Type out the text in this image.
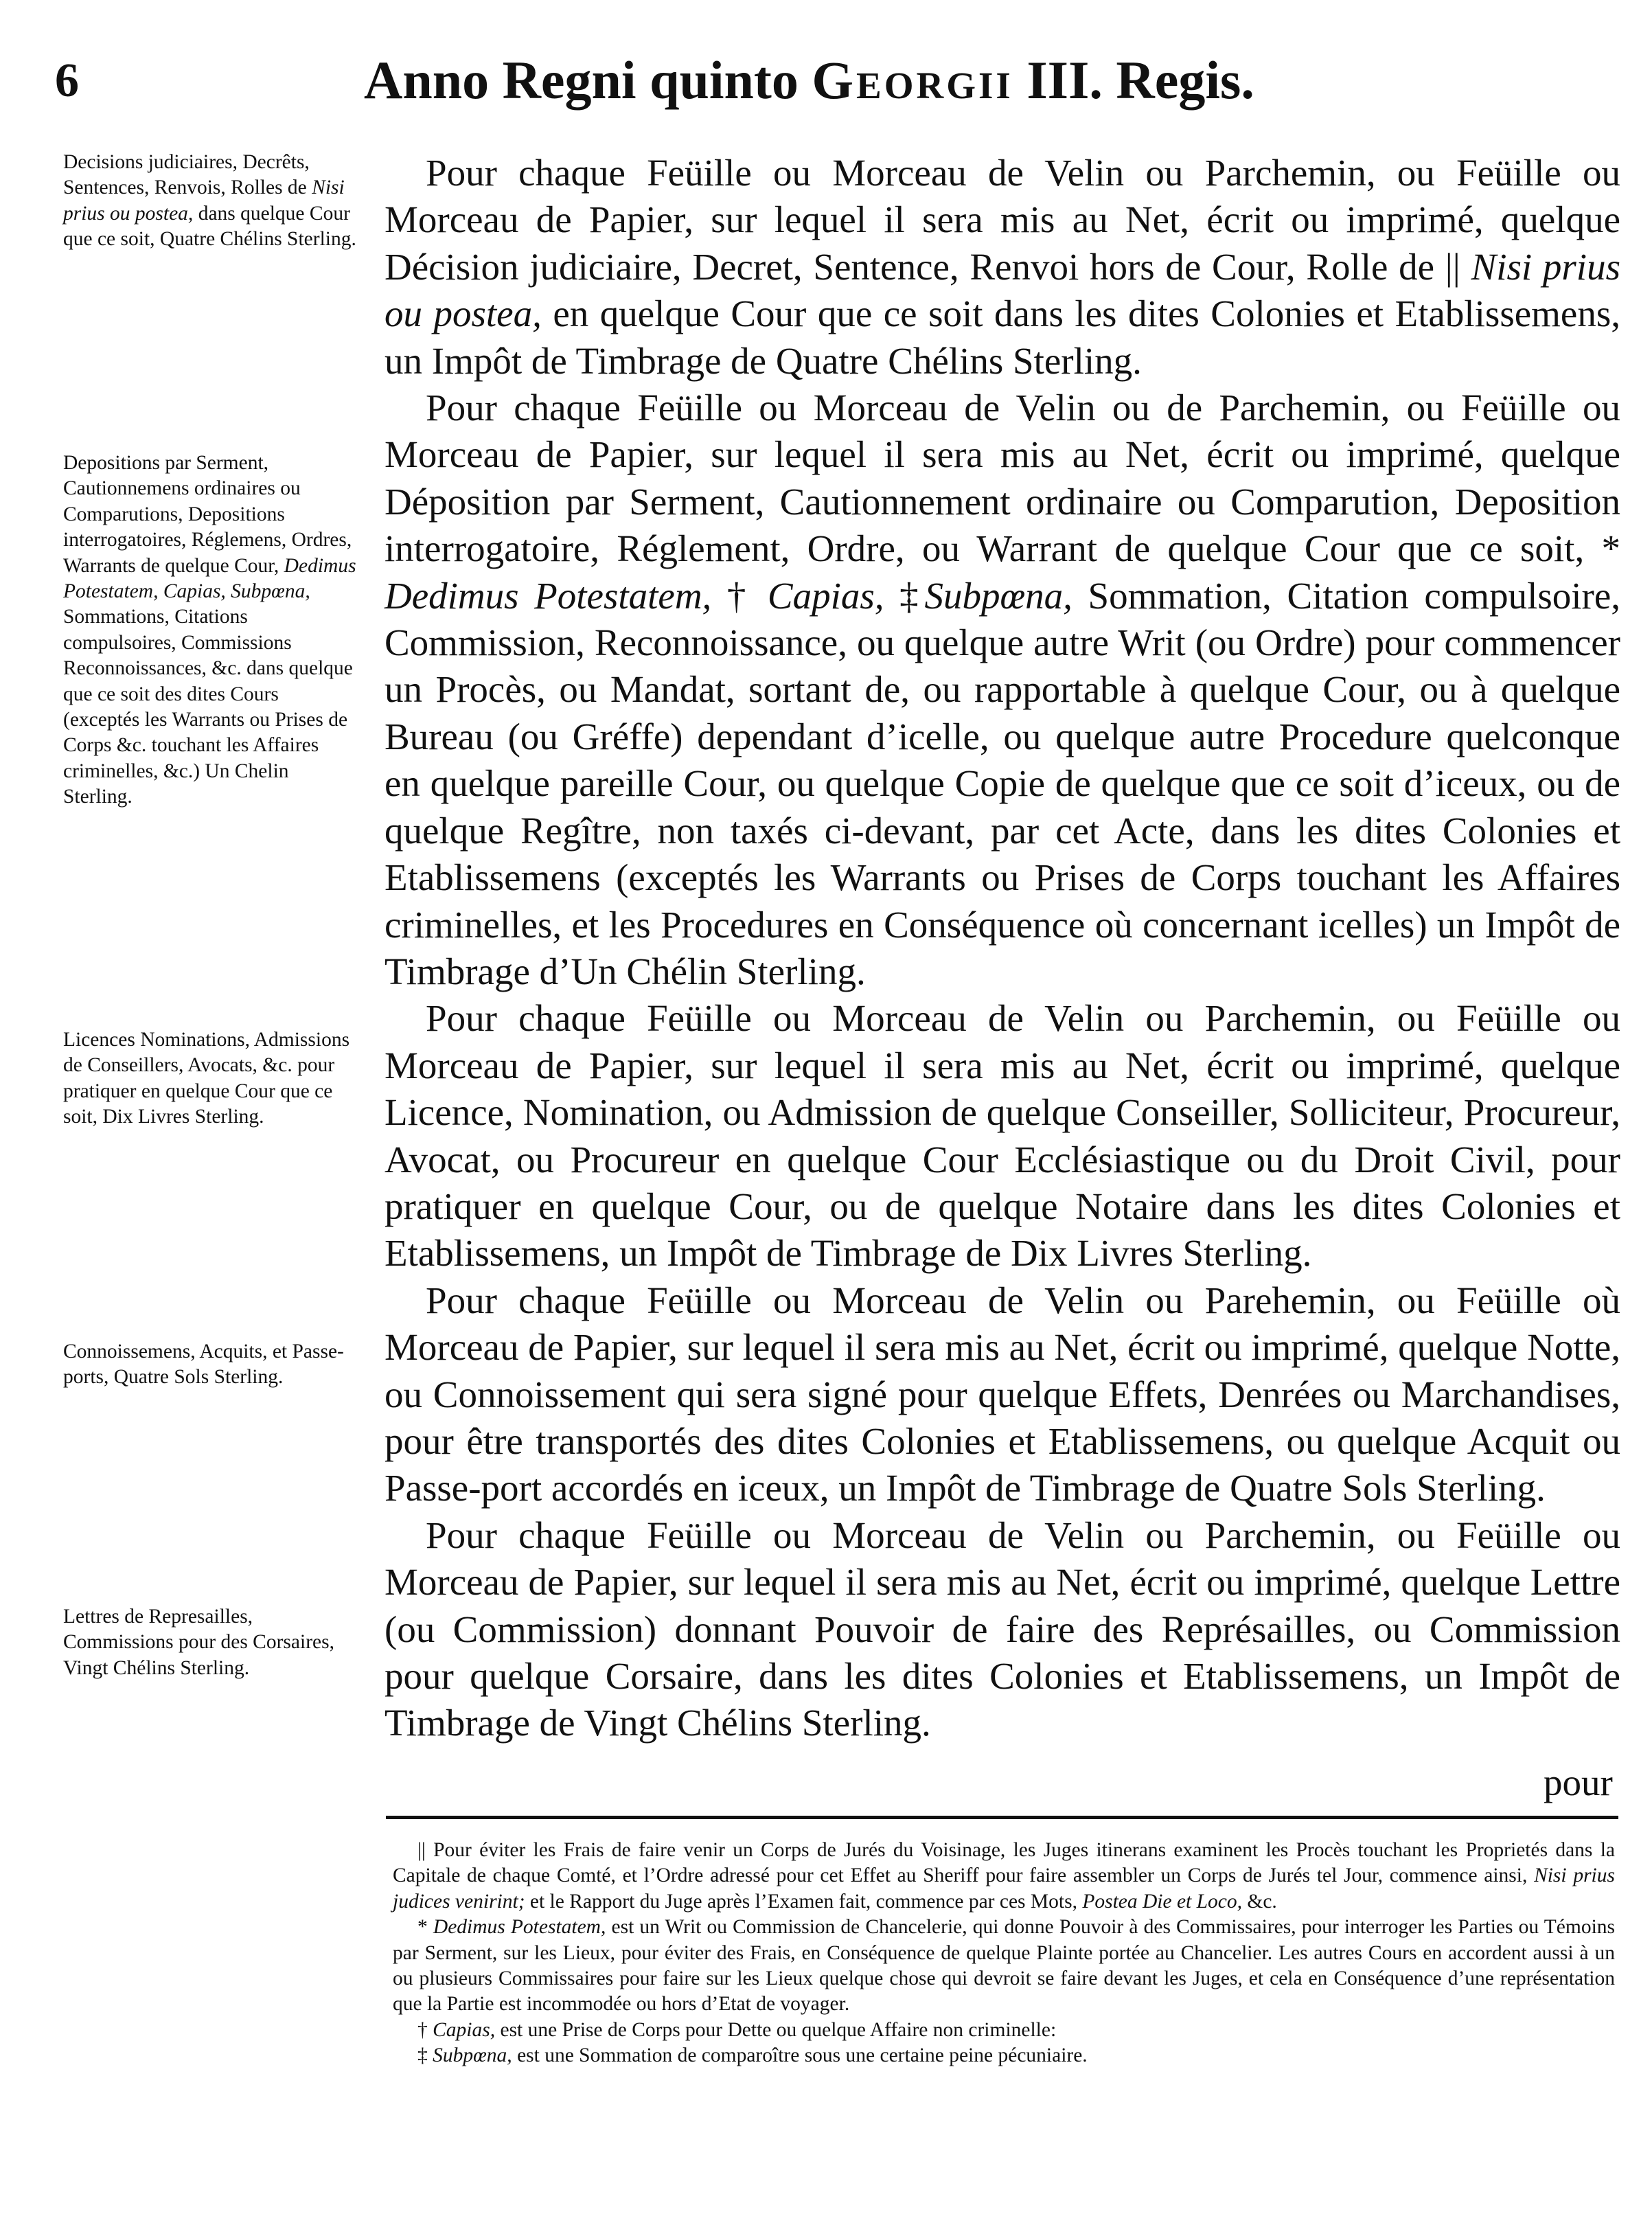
6	Anno Regni quinto Georgii III. Regis.
Decisions judiciaires, Decrêts, Sentences, Renvois, Rolles de Nisi prius ou postea, dans quelque Cour que ce soit, Quatre Chélins Sterling.
Depositions par Serment, Cautionnemens ordinaires ou Comparutions, Depositions interrogatoires, Réglemens, Ordres, Warrants de quelque Cour, Dedimus Potestatem, Capias, Subpœna, Sommations, Citations compulsoires, Commissions Reconnoissances, &c. dans quelque que ce soit des dites Cours (exceptés les Warrants ou Prises de Corps &c. touchant les Affaires criminelles, &c.) Un Chelin Sterling.
Licences Nominations, Admissions de Conseillers, Avocats, &c. pour pratiquer en quelque Cour que ce soit, Dix Livres Sterling.
Connoissemens, Acquits, et Passe-ports, Quatre Sols Sterling.
Lettres de Represailles, Commissions pour des Corsaires, Vingt Chélins Sterling.

Pour chaque Feüille ou Morceau de Velin ou Parchemin, ou Feüille ou Morceau de Papier, sur lequel il sera mis au Net, écrit ou imprimé, quelque Décision judiciaire, Decret, Sentence, Renvoi hors de Cour, Rolle de || Nisi prius ou postea, en quelque Cour que ce soit dans les dites Colonies et Etablissemens, un Impôt de Timbrage de Quatre Chélins Sterling.

Pour chaque Feüille ou Morceau de Velin ou de Parchemin, ou Feüille ou Morceau de Papier, sur lequel il sera mis au Net, écrit ou imprimé, quelque Déposition par Serment, Cautionnement ordinaire ou Comparution, Deposition interrogatoire, Réglement, Ordre, ou Warrant de quelque Cour que ce soit, * Dedimus Potestatem, † Capias, ‡Subpœna, Sommation, Citation compulsoire, Commission, Reconnoissance, ou quelque autre Writ (ou Ordre) pour commencer un Procès, ou Mandat, sortant de, ou rapportable à quelque Cour, ou à quelque Bureau (ou Gréffe) dependant d’icelle, ou quelque autre Procedure quelconque en quelque pareille Cour, ou quelque Copie de quelque que ce soit d’iceux, ou de quelque Regître, non taxés ci-devant, par cet Acte, dans les dites Colonies et Etablissemens (exceptés les Warrants ou Prises de Corps touchant les Affaires criminelles, et les Procedures en Conséquence où concernant icelles) un Impôt de Timbrage d’Un Chélin Sterling.

Pour chaque Feüille ou Morceau de Velin ou Parchemin, ou Feüille ou Morceau de Papier, sur lequel il sera mis au Net, écrit ou imprimé, quelque Licence, Nomination, ou Admission de quelque Conseiller, Solliciteur, Procureur, Avocat, ou Procureur en quelque Cour Ecclésiastique ou du Droit Civil, pour pratiquer en quelque Cour, ou de quelque Notaire dans les dites Colonies et Etablissemens, un Impôt de Timbrage de Dix Livres Sterling.

Pour chaque Feüille ou Morceau de Velin ou Parehemin, ou Feüille où Morceau de Papier, sur lequel il sera mis au Net, écrit ou imprimé, quelque Notte, ou Connoissement qui sera signé pour quelque Effets, Denrées ou Marchandises, pour être transportés des dites Colonies et Etablissemens, ou quelque Acquit ou Passe-port accordés en iceux, un Impôt de Timbrage de Quatre Sols Sterling.

Pour chaque Feüille ou Morceau de Velin ou Parchemin, ou Feüille ou Morceau de Papier, sur lequel il sera mis au Net, écrit ou imprimé, quelque Lettre (ou Commission) donnant Pouvoir de faire des Représailles, ou Commission pour quelque Corsaire, dans les dites Colonies et Etablissemens, un Impôt de Timbrage de Vingt Chélins Sterling.

pour

|| Pour éviter les Frais de faire venir un Corps de Jurés du Voisinage, les Juges itinerans examinent les Procès touchant les Proprietés dans la Capitale de chaque Comté, et l’Ordre adressé pour cet Effet au Sheriff pour faire assembler un Corps de Jurés tel Jour, commence ainsi, Nisi prius judices venirint; et le Rapport du Juge après l’Examen fait, commence par ces Mots, Postea Die et Loco, &c.

* Dedimus Potestatem, est un Writ ou Commission de Chancelerie, qui donne Pouvoir à des Commissaires, pour interroger les Parties ou Témoins par Serment, sur les Lieux, pour éviter des Frais, en Conséquence de quelque Plainte portée au Chancelier. Les autres Cours en accordent aussi à un ou plusieurs Commissaires pour faire sur les Lieux quelque chose qui devroit se faire devant les Juges, et cela en Conséquence d’une représentation que la Partie est incommodée ou hors d’Etat de voyager.

† Capias, est une Prise de Corps pour Dette ou quelque Affaire non criminelle:

‡ Subpœna, est une Sommation de comparoître sous une certaine peine pécuniaire.
